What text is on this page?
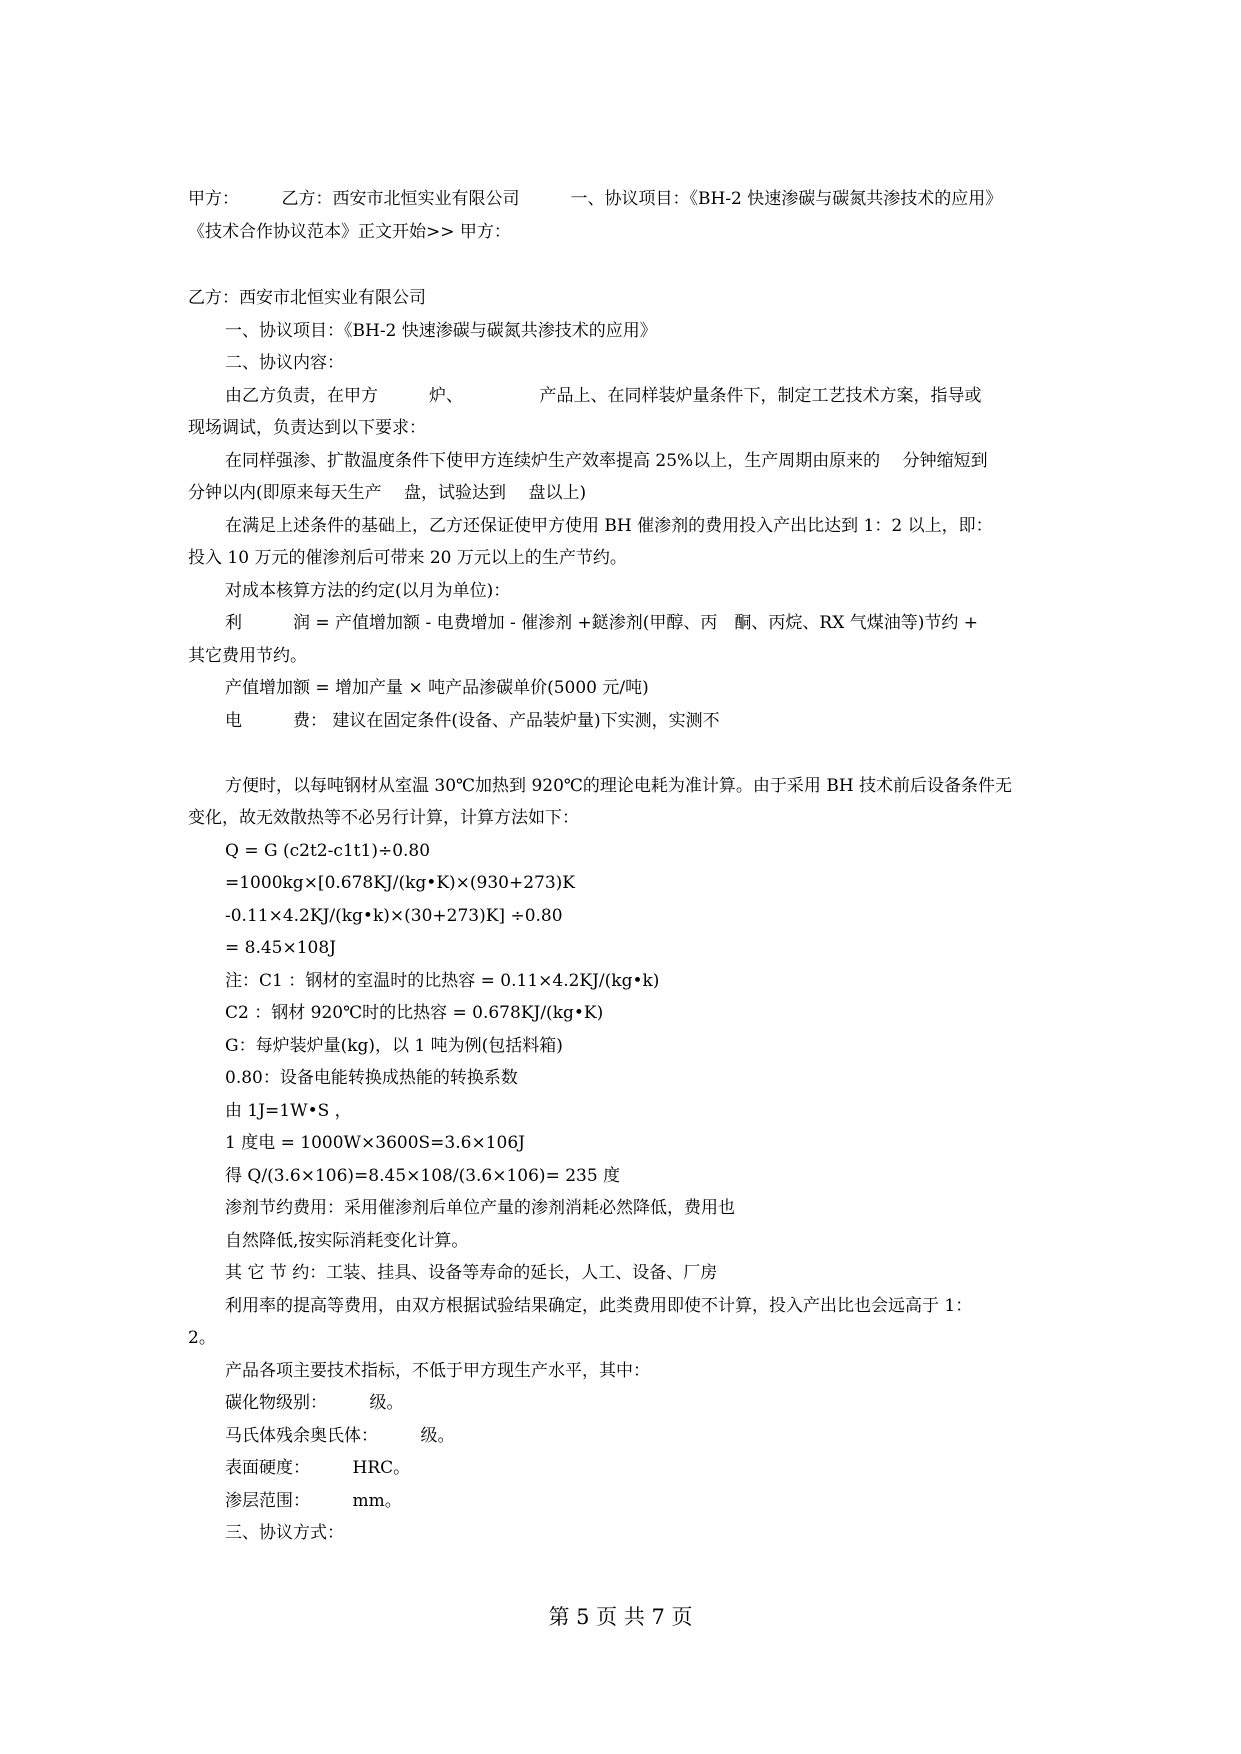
甲方：　　　乙方：西安市北恒实业有限公司　　　一、协议项目：《BH-2 快速渗碳与碳氮共渗技术的应用》
《技术合作协议范本》正文开始>> 甲方：
乙方：西安市北恒实业有限公司
一、协议项目：《BH-2 快速渗碳与碳氮共渗技术的应用》
二、协议内容：
由乙方负责，在甲方　　　炉、　　　　　产品上、在同样装炉量条件下，制定工艺技术方案，指导或
现场调试，负责达到以下要求：
在同样强渗、扩散温度条件下使甲方连续炉生产效率提高 25%以上，生产周期由原来的　 分钟缩短到
分钟以内(即原来每天生产　 盘，试验达到　 盘以上)
在满足上述条件的基础上，乙方还保证使甲方使用 BH 催渗剂的费用投入产出比达到 1：2 以上，即：
投入 10 万元的催渗剂后可带来 20 万元以上的生产节约。
对成本核算方法的约定(以月为单位)：
利　　　润 = 产值增加额 - 电费增加 - 催渗剂 +鎹渗剂(甲醇、丙　酮、丙烷、RX 气煤油等)节约 +
其它费用节约。
产值增加额 = 增加产量 × 吨产品渗碳单价(5000 元/吨)
电　　　费： 建议在固定条件(设备、产品装炉量)下实测，实测不
方便时，以每吨钢材从室温 30℃加热到 920℃的理论电耗为准计算。由于采用 BH 技术前后设备条件无
变化，故无效散热等不必另行计算，计算方法如下：
Q = G (c2t2-c1t1)÷0.80
=1000kg×[0.678KJ/(kg•K)×(930+273)K
-0.11×4.2KJ/(kg•k)×(30+273)K] ÷0.80
= 8.45×108J
注：C1 ：钢材的室温时的比热容 = 0.11×4.2KJ/(kg•k)
C2 ：钢材 920℃时的比热容 = 0.678KJ/(kg•K)
G：每炉装炉量(kg)，以 1 吨为例(包括料箱)
0.80：设备电能转换成热能的转换系数
由 1J=1W•S ，
1 度电 = 1000W×3600S=3.6×106J
得 Q/(3.6×106)=8.45×108/(3.6×106)= 235 度
渗剂节约费用：采用催渗剂后单位产量的渗剂消耗必然降低，费用也
自然降低,按实际消耗变化计算。
其 它 节 约：工装、挂具、设备等寿命的延长，人工、设备、厂房
利用率的提高等费用，由双方根据试验结果确定，此类费用即使不计算，投入产出比也会远高于 1：
2。
产品各项主要技术指标，不低于甲方现生产水平，其中：
碳化物级别：　　　级。
马氏体残余奥氏体：　　　级。
表面硬度：　　　HRC。
渗层范围：　　　mm。
三、协议方式：
第 5 页 共 7 页
